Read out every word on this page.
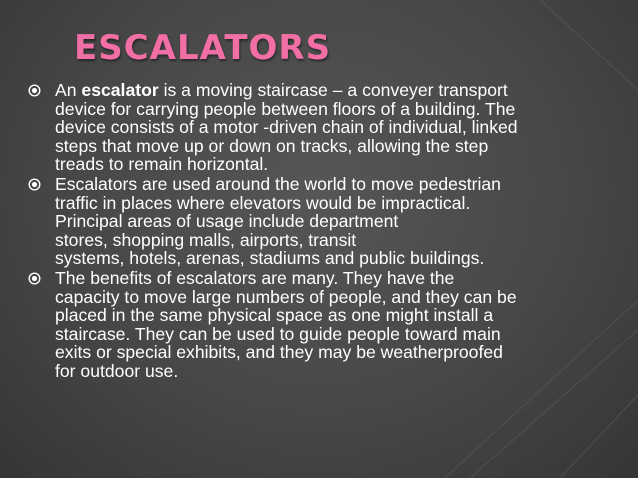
ESCALATORS
An escalator is a moving staircase – a conveyer transport
device for carrying people between floors of a building. The
device consists of a motor -driven chain of individual, linked
steps that move up or down on tracks, allowing the step
treads to remain horizontal.
Escalators are used around the world to move pedestrian
traffic in places where elevators would be impractical.
Principal areas of usage include department
stores, shopping malls, airports, transit
systems, hotels, arenas, stadiums and public buildings.
The benefits of escalators are many. They have the
capacity to move large numbers of people, and they can be
placed in the same physical space as one might install a
staircase. They can be used to guide people toward main
exits or special exhibits, and they may be weatherproofed
for outdoor use.
